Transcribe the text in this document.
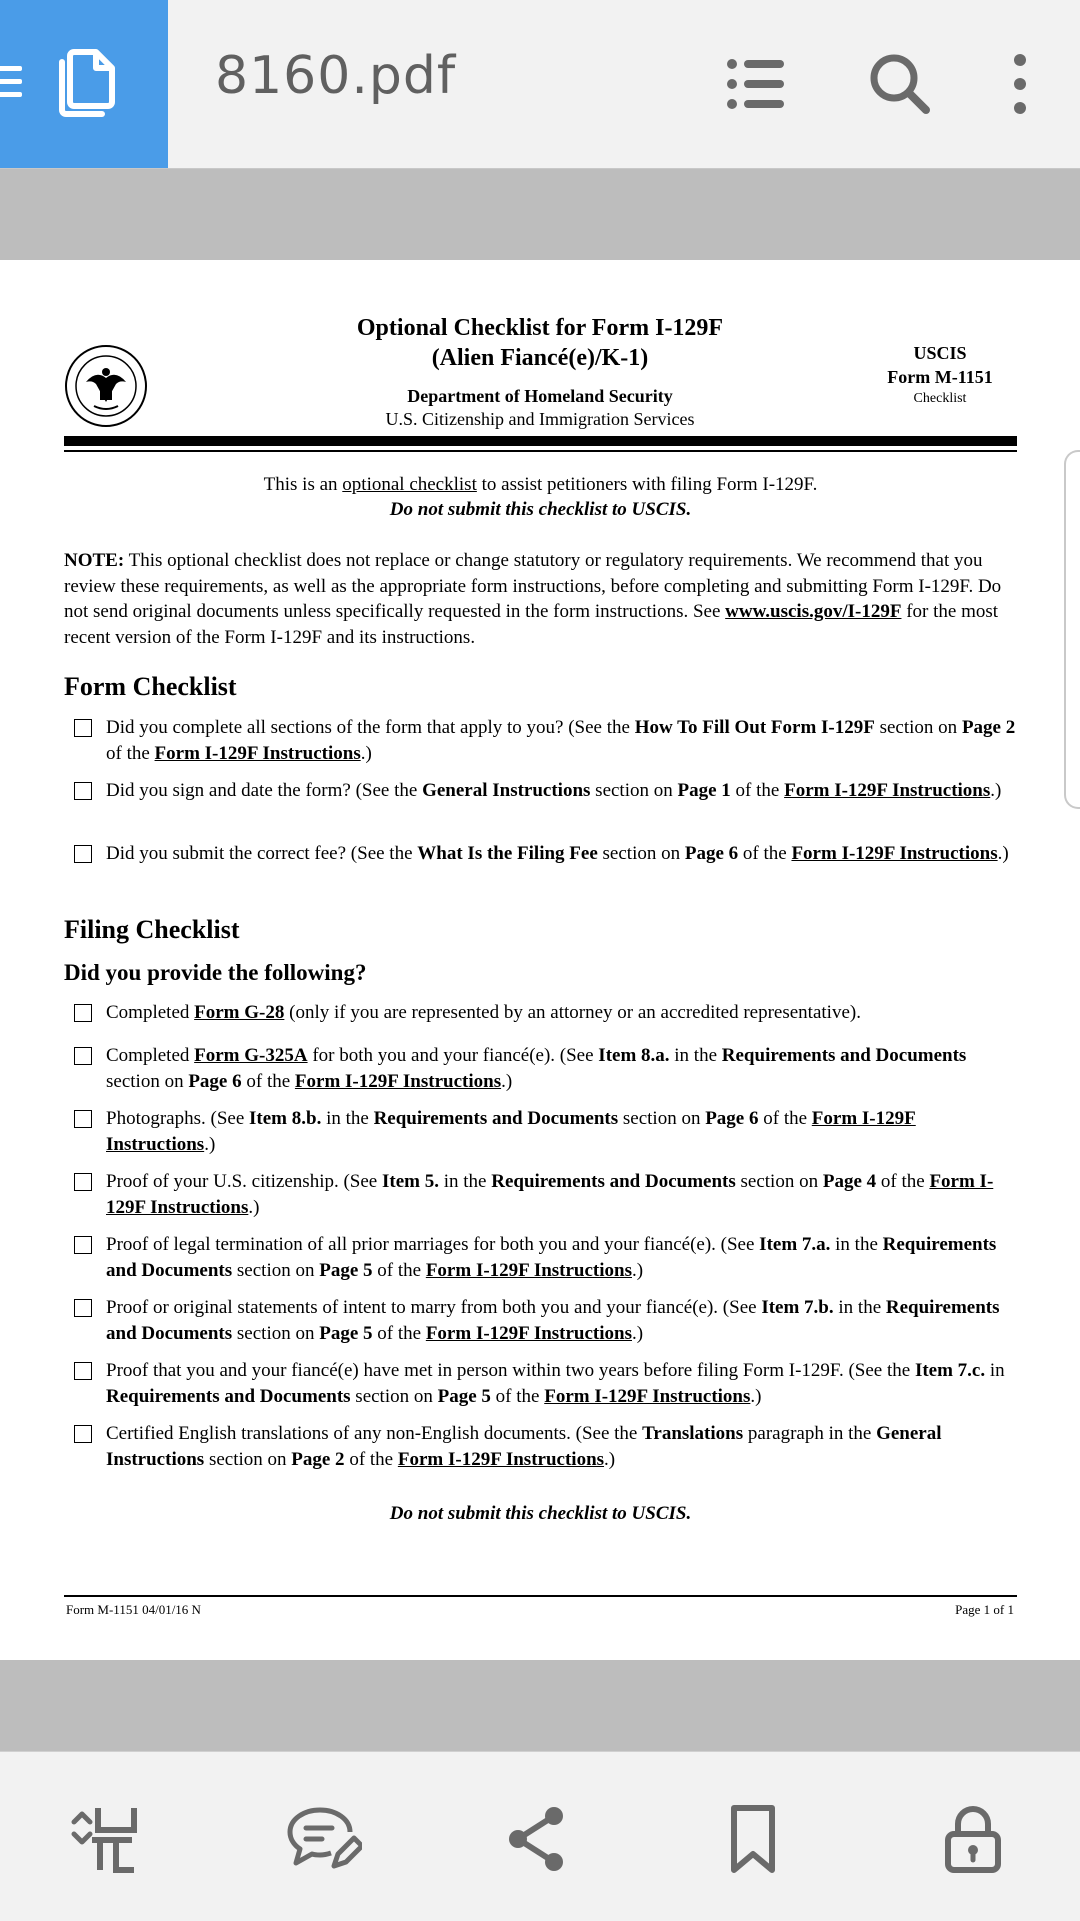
8160.pdf
Optional Checklist for Form I-129F
(Alien Fiancé(e)/K-1)
Department of Homeland Security
U.S. Citizenship and Immigration Services
USCIS
Form M-1151
Checklist
This is an optional checklist to assist petitioners with filing Form I-129F.
Do not submit this checklist to USCIS.
NOTE: This optional checklist does not replace or change statutory or regulatory requirements. We recommend that you review these requirements, as well as the appropriate form instructions, before completing and submitting Form I-129F. Do not send original documents unless specifically requested in the form instructions. See www.uscis.gov/I-129F for the most recent version of the Form I-129F and its instructions.
Form Checklist
Did you complete all sections of the form that apply to you? (See the How To Fill Out Form I-129F section on Page 2 of the Form I-129F Instructions.)
Did you sign and date the form? (See the General Instructions section on Page 1 of the Form I-129F Instructions.)
Did you submit the correct fee? (See the What Is the Filing Fee section on Page 6 of the Form I-129F Instructions.)
Filing Checklist
Did you provide the following?
Completed Form G-28 (only if you are represented by an attorney or an accredited representative).
Completed Form G-325A for both you and your fiancé(e). (See Item 8.a. in the Requirements and Documents section on Page 6 of the Form I-129F Instructions.)
Photographs. (See Item 8.b. in the Requirements and Documents section on Page 6 of the Form I-129F Instructions.)
Proof of your U.S. citizenship. (See Item 5. in the Requirements and Documents section on Page 4 of the Form I-129F Instructions.)
Proof of legal termination of all prior marriages for both you and your fiancé(e). (See Item 7.a. in the Requirements and Documents section on Page 5 of the Form I-129F Instructions.)
Proof or original statements of intent to marry from both you and your fiancé(e). (See Item 7.b. in the Requirements and Documents section on Page 5 of the Form I-129F Instructions.)
Proof that you and your fiancé(e) have met in person within two years before filing Form I-129F. (See the Item 7.c. in Requirements and Documents section on Page 5 of the Form I-129F Instructions.)
Certified English translations of any non-English documents. (See the Translations paragraph in the General Instructions section on Page 2 of the Form I-129F Instructions.)
Do not submit this checklist to USCIS.
Form M-1151 04/01/16 N	Page 1 of 1
